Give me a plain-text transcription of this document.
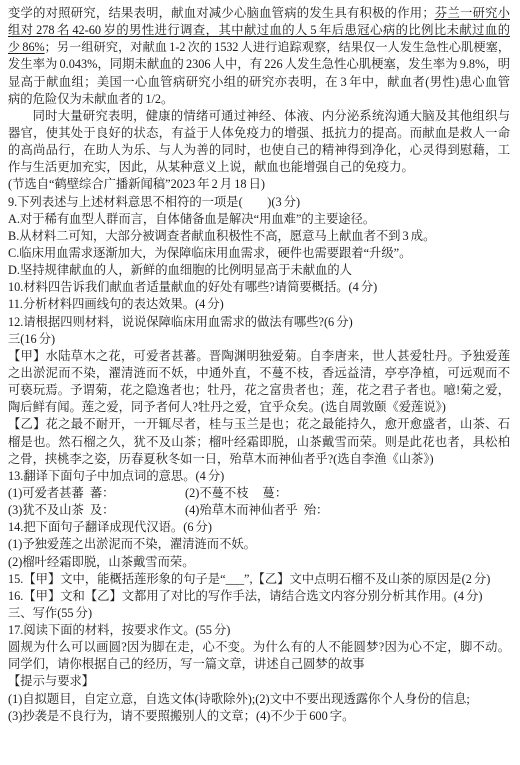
变学的对照研究，结果表明，献血对减少心脑血管病的发生具有积极的作用；芬兰一研究小
组对 278 名 42-60 岁的男性进行调查，其中献过血的人 5 年后患冠心病的比例比未献过血的
少 86%；另一组研究，对献血 1-2 次的 1532 人进行追踪观察，结果仅一人发生急性心肌梗塞，
发生率为 0.043%，同期未献血的 2306 人中，有 226 人发生急性心肌梗塞，发生率为 9.8%，明
显高于献血组；美国一心血管病研究小组的研究亦表明，在 3 年中，献血者(男性)患心血管
病的危险仅为未献血者的 1/2。
同时大量研究表明，健康的情绪可通过神经、体液、内分泌系统沟通大脑及其他组织与
器官，使其处于良好的状态，有益于人体免疫力的增强、抵抗力的提高。而献血是救人一命
的高尚品行，在助人为乐、与人为善的同时，也使自己的精神得到净化，心灵得到慰藉，工
作与生活更加充实，因此，从某种意义上说，献血也能增强自己的免疫力。
(节选自“鹤壁综合广播新闻稿”2023 年 2 月 18 日)
9.下列表述与上述材料意思不相符的一项是(　　)(3 分)
A.对于稀有血型人群而言，自体储备血是解决“用血难”的主要途径。
B.从材料二可知，大部分被调查者献血积极性不高，愿意马上献血者不到 3 成。
C.临床用血需求逐渐加大，为保障临床用血需求，硬件也需要跟着“升级”。
D.坚持规律献血的人，新鲜的血细胞的比例明显高于未献血的人
10.材料四告诉我们献血者适量献血的好处有哪些?请简要概括。(4 分)
11.分析材料四画线句的表达效果。(4 分)
12.请根据四则材料，说说保障临床用血需求的做法有哪些?(6 分)
三(16 分)
【甲】水陆草木之花，可爱者甚蕃。晋陶渊明独爱菊。自李唐来，世人甚爱牡丹。予独爱莲
之出淤泥而不染，濯清涟而不妖，中通外直，不蔓不枝，香远益清，亭亭净植，可远观而不
可亵玩焉。予谓菊，花之隐逸者也；牡丹，花之富贵者也；莲，花之君子者也。噫!菊之爱，
陶后鲜有闻。莲之爱，同予者何人?牡丹之爱，宜乎众矣。(选自周敦颐《爱莲说》)
【乙】花之最不耐开，一开辄尽者，桂与玉兰是也；花之最能持久，愈开愈盛者，山茶、石
榴是也。然石榴之久，犹不及山茶；榴叶经霜即脱，山茶戴雪而荣。则是此花也者，具松柏
之骨，挟桃李之姿，历春夏秋冬如一日，殆草木而神仙者乎?(选自李渔《山茶》)
13.翻译下面句子中加点词的意思。(4 分)
(1)可爱者甚蕃 蕃：	(2)不蔓不枝 蔓：
(3)犹不及山茶 及：	(4)殆草木而神仙者乎 殆：
14.把下面句子翻译成现代汉语。(6 分)
(1)予独爱莲之出淤泥而不染，濯清涟而不妖。
(2)榴叶经霜即脱，山茶戴雪而荣。
15.【甲】文中，能概括莲形象的句子是“___”,【乙】文中点明石榴不及山茶的原因是(2 分)
16.【甲】文和【乙】文都用了对比的写作手法，请结合选文内容分别分析其作用。(4 分)
三、写作(55 分)
17.阅读下面的材料，按要求作文。(55 分)
圆规为什么可以画圆?因为脚在走，心不变。为什么有的人不能圆梦?因为心不定，脚不动。
同学们，请你根据自己的经历，写一篇文章，讲述自己圆梦的故事
【提示与要求】
(1)自拟题目，自定立意，自选文体(诗歌除外);(2)文中不要出现透露你个人身份的信息;
(3)抄袭是不良行为，请不要照搬别人的文章；(4)不少于 600 字。
